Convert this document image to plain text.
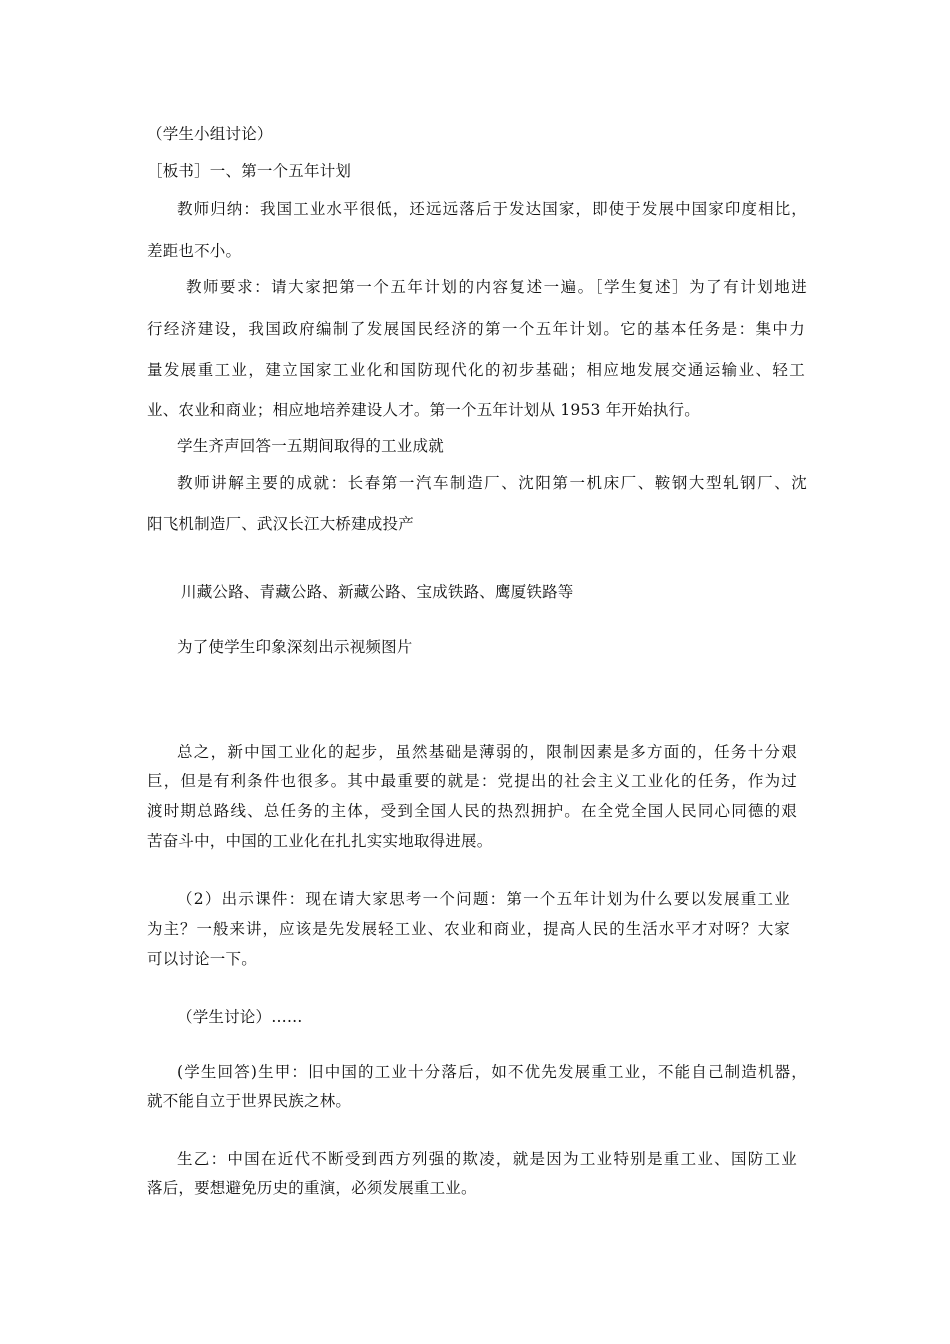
（学生小组讨论）
［板书］一、第一个五年计划
教师归纳：我国工业水平很低，还远远落后于发达国家，即使于发展中国家印度相比，
差距也不小。
教师要求：请大家把第一个五年计划的内容复述一遍。［学生复述］为了有计划地进
行经济建设，我国政府编制了发展国民经济的第一个五年计划。它的基本任务是：集中力
量发展重工业，建立国家工业化和国防现代化的初步基础；相应地发展交通运输业、轻工
业、农业和商业；相应地培养建设人才。第一个五年计划从 1953 年开始执行。
学生齐声回答一五期间取得的工业成就
教师讲解主要的成就：长春第一汽车制造厂、沈阳第一机床厂、鞍钢大型轧钢厂、沈
阳飞机制造厂、武汉长江大桥建成投产
川藏公路、青藏公路、新藏公路、宝成铁路、鹰厦铁路等
为了使学生印象深刻出示视频图片
总之，新中国工业化的起步，虽然基础是薄弱的，限制因素是多方面的，任务十分艰
巨，但是有利条件也很多。其中最重要的就是：党提出的社会主义工业化的任务，作为过
渡时期总路线、总任务的主体，受到全国人民的热烈拥护。在全党全国人民同心同德的艰
苦奋斗中，中国的工业化在扎扎实实地取得进展。
（2）出示课件：现在请大家思考一个问题：第一个五年计划为什么要以发展重工业
为主？一般来讲，应该是先发展轻工业、农业和商业，提高人民的生活水平才对呀？大家
可以讨论一下。
（学生讨论）……
(学生回答)生甲：旧中国的工业十分落后，如不优先发展重工业，不能自己制造机器，
就不能自立于世界民族之林。
生乙：中国在近代不断受到西方列强的欺凌，就是因为工业特别是重工业、国防工业
落后，要想避免历史的重演，必须发展重工业。
